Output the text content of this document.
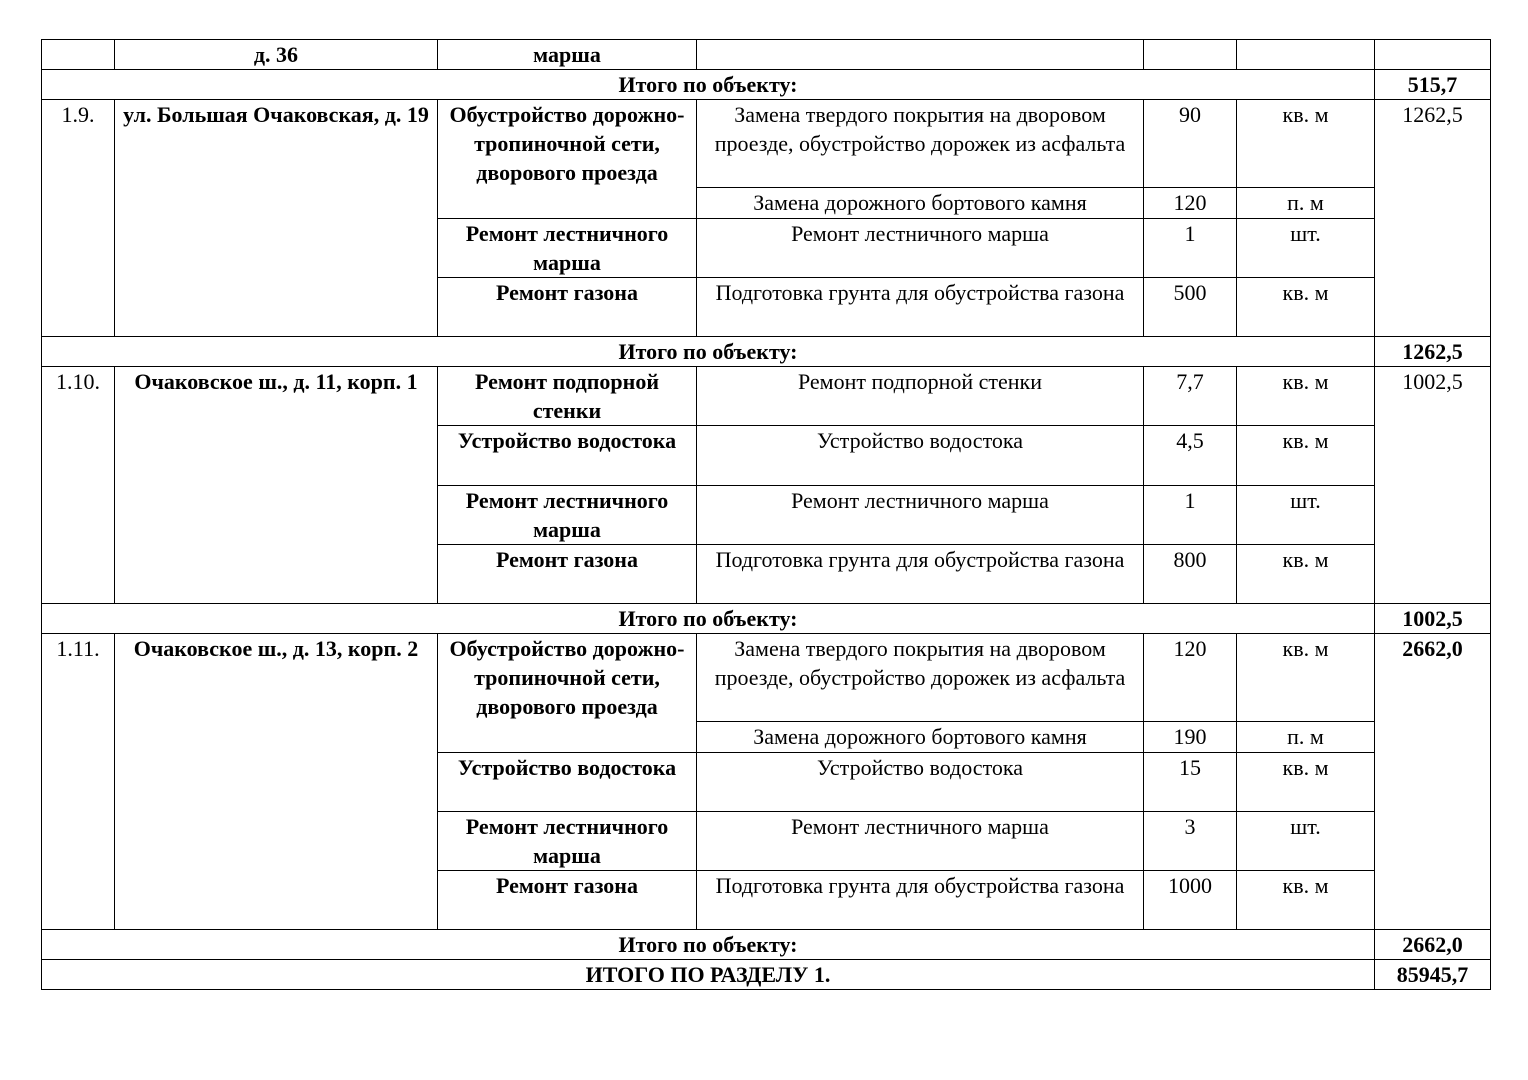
	д. 36	марша				
Итого по объекту:						515,7
1.9.	ул. Большая Очаковская, д. 19	Обустройство дорожно-тропиночной сети, дворового проезда	Замена твердого покрытия на дворовом проезде, обустройство дорожек из асфальта	90	кв. м	1262,5
			Замена дорожного бортового камня	120	п. м	
		Ремонт лестничного марша	Ремонт лестничного марша	1	шт.	
		Ремонт газона	Подготовка грунта для обустройства газона	500	кв. м	
Итого по объекту:						1262,5
1.10.	Очаковское ш., д. 11, корп. 1	Ремонт подпорной стенки	Ремонт подпорной стенки	7,7	кв. м	1002,5
		Устройство водостока	Устройство водостока	4,5	кв. м	
		Ремонт лестничного марша	Ремонт лестничного марша	1	шт.	
		Ремонт газона	Подготовка грунта для обустройства газона	800	кв. м	
Итого по объекту:						1002,5
1.11.	Очаковское ш., д. 13, корп. 2	Обустройство дорожно-тропиночной сети, дворового проезда	Замена твердого покрытия на дворовом проезде, обустройство дорожек из асфальта	120	кв. м	2662,0
			Замена дорожного бортового камня	190	п. м	
		Устройство водостока	Устройство водостока	15	кв. м	
		Ремонт лестничного марша	Ремонт лестничного марша	3	шт.	
		Ремонт газона	Подготовка грунта для обустройства газона	1000	кв. м	
Итого по объекту:						2662,0
ИТОГО ПО РАЗДЕЛУ 1.						85945,7
